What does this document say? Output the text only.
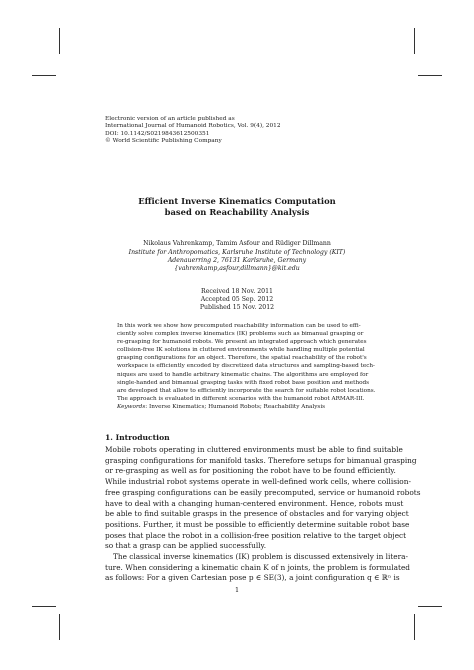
Electronic version of an article published as
International Journal of Humanoid Robotics, Vol. 9(4), 2012
DOI: 10.1142/S0219843612500351
© World Scientific Publishing Company
Efficient Inverse Kinematics Computation
based on Reachability Analysis
Nikolaus Vahrenkamp, Tamim Asfour and Rüdiger Dillmann
Institute for Anthropomatics, Karlsruhe Institute of Technology (KIT)
Adenauerring 2, 76131 Karlsruhe, Germany
{vahrenkamp,asfour,dillmann}@kit.edu
Received 18 Nov. 2011
Accepted 05 Sep. 2012
Published 15 Nov. 2012
In this work we show how precomputed reachability information can be used to effi-
ciently solve complex inverse kinematics (IK) problems such as bimanual grasping or
re-grasping for humanoid robots. We present an integrated approach which generates
collision-free IK solutions in cluttered environments while handling multiple potential
grasping configurations for an object. Therefore, the spatial reachability of the robot's
workspace is efficiently encoded by discretized data structures and sampling-based tech-
niques are used to handle arbitrary kinematic chains. The algorithms are employed for
single-handed and bimanual grasping tasks with fixed robot base position and methods
are developed that allow to efficiently incorporate the search for suitable robot locations.
The approach is evaluated in different scenarios with the humanoid robot ARMAR-III.
Keywords: Inverse Kinematics; Humanoid Robots; Reachability Analysis
1. Introduction
Mobile robots operating in cluttered environments must be able to find suitable
grasping configurations for manifold tasks. Therefore setups for bimanual grasping
or re-grasping as well as for positioning the robot have to be found efficiently.
While industrial robot systems operate in well-defined work cells, where collision-
free grasping configurations can be easily precomputed, service or humanoid robots
have to deal with a changing human-centered environment. Hence, robots must
be able to find suitable grasps in the presence of obstacles and for varying object
positions. Further, it must be possible to efficiently determine suitable robot base
poses that place the robot in a collision-free position relative to the target object
so that a grasp can be applied successfully.
The classical inverse kinematics (IK) problem is discussed extensively in litera-
ture. When considering a kinematic chain K of n joints, the problem is formulated
as follows: For a given Cartesian pose p ∈ SE(3), a joint configuration q ∈ ℝⁿ is
1
